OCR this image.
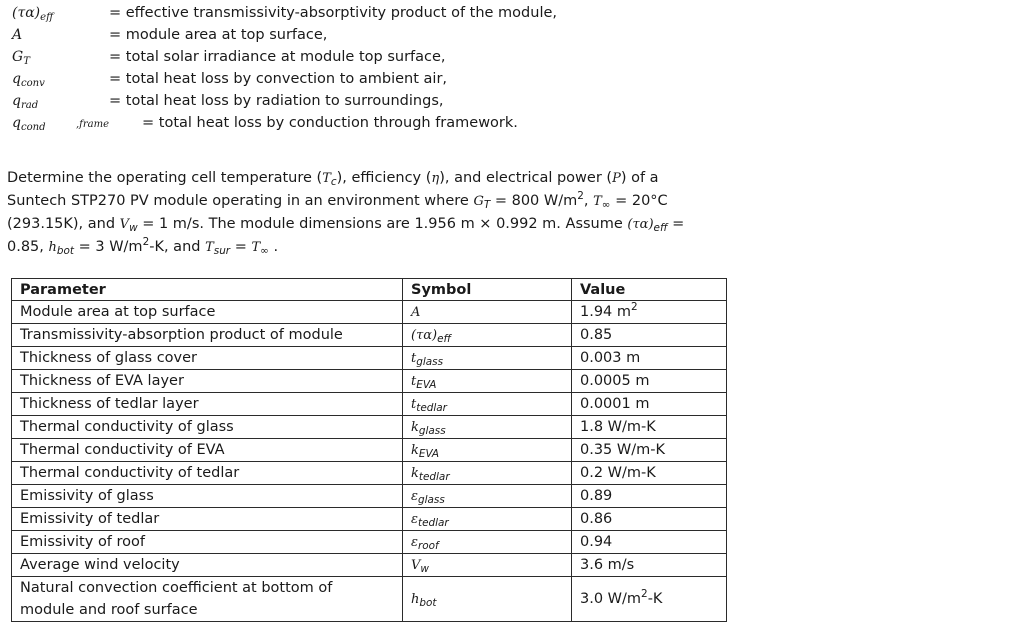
$(\tau\alpha)_{eff}$	= effective transmissivity-absorptivity product of the module,
A	= module area at top surface,
$G_T$	= total solar irradiance at module top surface,
$q_{conv}$	= total heat loss by convection to ambient air,
$q_{rad}$	= total heat loss by radiation to surroundings,
$q_{cond}$	,frame = total heat loss by conduction through framework.
Determine the operating cell temperature $(T_c)$, efficiency (η), and electrical power (P) of a
Suntech STP270 PV module operating in an environment where $G_T = 800$ $W/m^2$, $T_\infty = 20^\circ C$
(293.15K), and $V_w = 1$ m/s. The module dimensions are 1.956 m × 0.992 m. Assume $(\tau\alpha)_{eff}$ =
0.85, $h_{bot} = 3$ $W/m^2-K$, and $T_{sur} = T_\infty$ .
Parameter	Symbol	Value
Module area at top surface	A	1.94 $m^2$
Transmissivity-absorption product of module	$(\tau\alpha)_{eff}$	0.85
Thickness of glass cover	$t_{glass}$	0.003 m
Thickness of EVA layer	$t_{EVA}$	0.0005 m
Thickness of tedlar layer	$t_{tedlar}$	0.0001 m
Thermal conductivity of glass	$k_{glass}$	1.8 W/m-K
Thermal conductivity of EVA	$k_{EVA}$	0.35 W/m-K
Thermal conductivity of tedlar	$k_{tedlar}$	0.2 W/m-K
Emissivity of glass	$\varepsilon_{glass}$	0.89
Emissivity of tedlar	$\varepsilon_{tedlar}$	0.86
Emissivity of roof	$\varepsilon_{roof}$	0.94
Average wind velocity	$V_w$	3.6 m/s
Natural convection coefficient at bottom of
module and roof surface	$h_{bot}$	3.0 $W/m^2-K$
